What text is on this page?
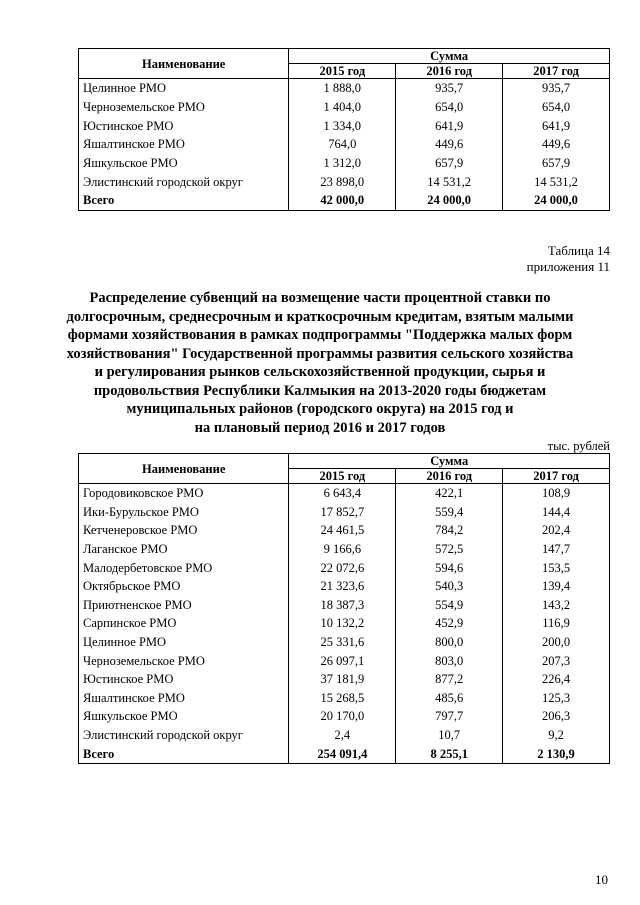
Наименование	Сумма		
	2015 год	2016 год	2017 год
Целинное РМО	1 888,0	935,7	935,7
Черноземельское РМО	1 404,0	654,0	654,0
Юстинское РМО	1 334,0	641,9	641,9
Яшалтинское РМО	764,0	449,6	449,6
Яшкульское РМО	1 312,0	657,9	657,9
Элистинский городской округ	23 898,0	14 531,2	14 531,2
Всего	42 000,0	24 000,0	24 000,0
Таблица 14
приложения 11
Распределение субвенций на возмещение части процентной ставки по
долгосрочным, среднесрочным и краткосрочным кредитам, взятым малыми
формами хозяйствования в рамках подпрограммы "Поддержка малых форм
хозяйствования" Государственной программы развития сельского хозяйства
и регулирования рынков сельскохозяйственной продукции, сырья и
продовольствия Республики Калмыкия на 2013-2020 годы бюджетам
муниципальных районов (городского округа) на 2015 год и
на плановый период 2016 и 2017 годов
тыс. рублей
Наименование	Сумма		
	2015 год	2016 год	2017 год
Городовиковское РМО	6 643,4	422,1	108,9
Ики-Бурульское РМО	17 852,7	559,4	144,4
Кетченеровское РМО	24 461,5	784,2	202,4
Лаганское РМО	9 166,6	572,5	147,7
Малодербетовское РМО	22 072,6	594,6	153,5
Октябрьское РМО	21 323,6	540,3	139,4
Приютненское РМО	18 387,3	554,9	143,2
Сарпинское РМО	10 132,2	452,9	116,9
Целинное РМО	25 331,6	800,0	200,0
Черноземельское РМО	26 097,1	803,0	207,3
Юстинское РМО	37 181,9	877,2	226,4
Яшалтинское РМО	15 268,5	485,6	125,3
Яшкульское РМО	20 170,0	797,7	206,3
Элистинский городской округ	2,4	10,7	9,2
Всего	254 091,4	8 255,1	2 130,9
10
